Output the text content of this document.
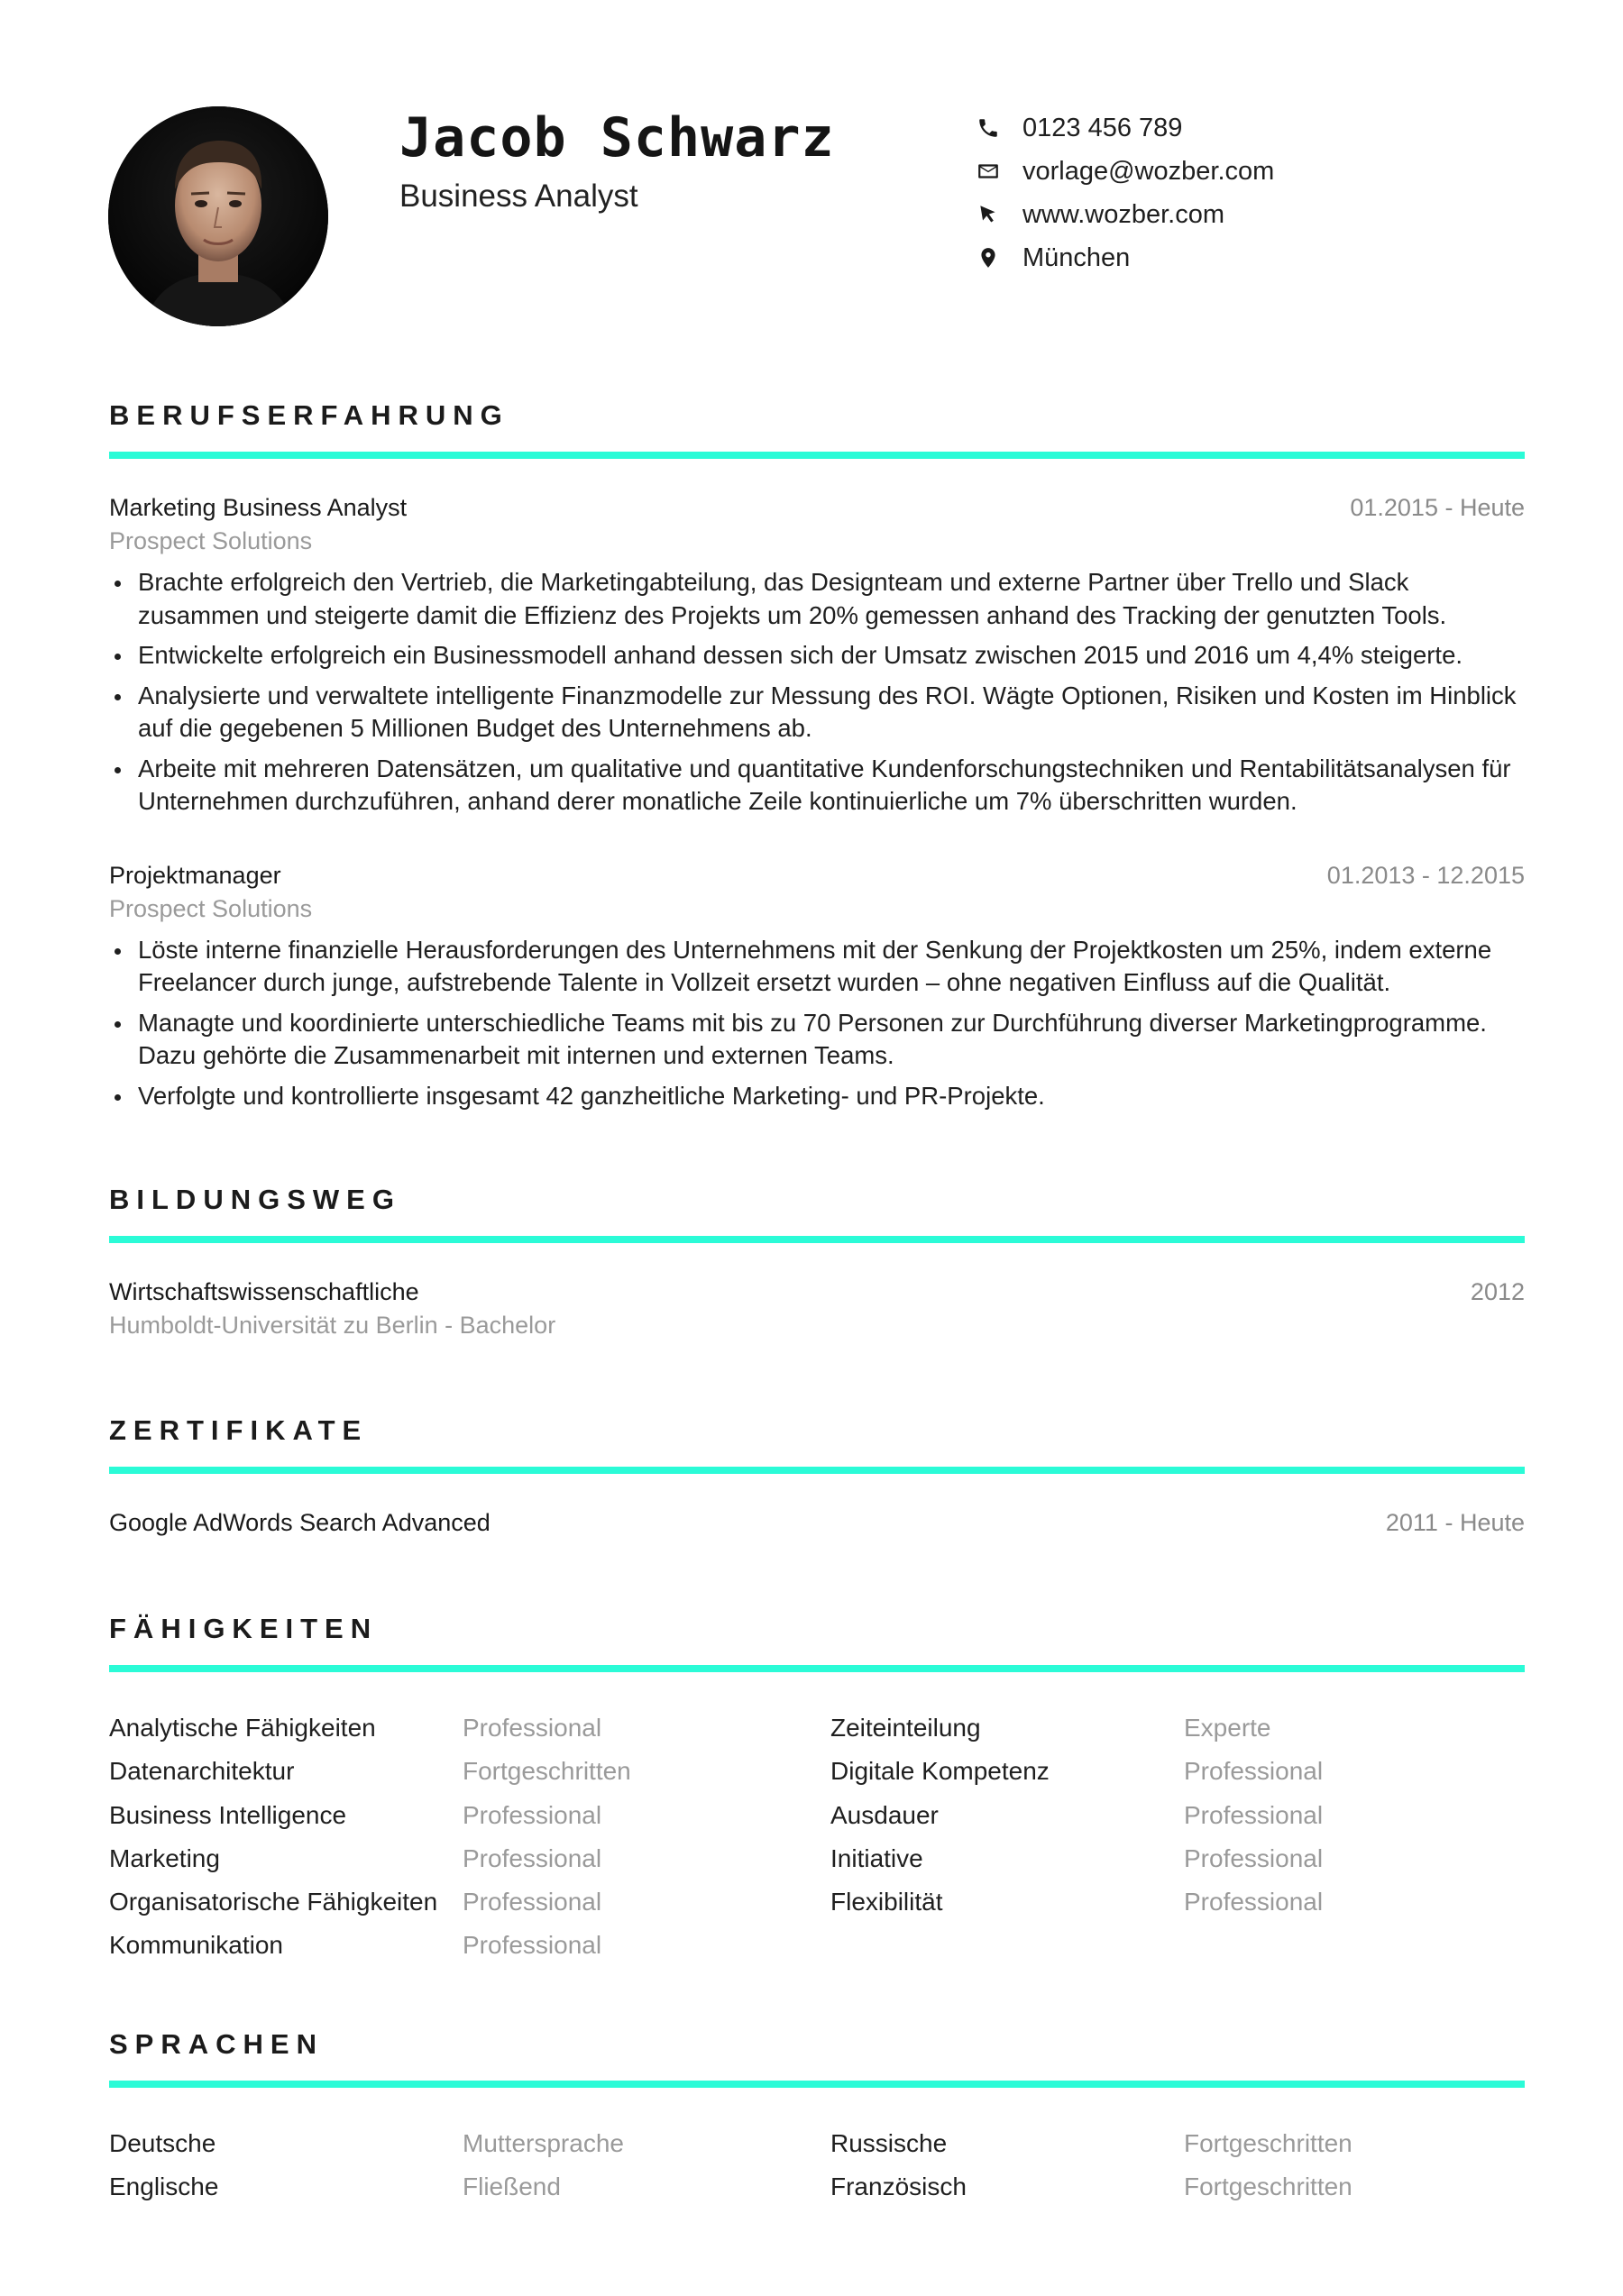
Jacob Schwarz
Business Analyst
0123 456 789
vorlage@wozber.com
www.wozber.com
München
BERUFSERFAHRUNG
Marketing Business Analyst	01.2015 - Heute
Prospect Solutions
Brachte erfolgreich den Vertrieb, die Marketingabteilung, das Designteam und externe Partner über Trello und Slack zusammen und steigerte damit die Effizienz des Projekts um 20% gemessen anhand des Tracking der genutzten Tools.
Entwickelte erfolgreich ein Businessmodell anhand dessen sich der Umsatz zwischen 2015 und 2016 um 4,4% steigerte.
Analysierte und verwaltete intelligente Finanzmodelle zur Messung des ROI. Wägte Optionen, Risiken und Kosten im Hinblick auf die gegebenen 5 Millionen Budget des Unternehmens ab.
Arbeite mit mehreren Datensätzen, um qualitative und quantitative Kundenforschungstechniken und Rentabilitätsanalysen für Unternehmen durchzuführen, anhand derer monatliche Zeile kontinuierliche um 7% überschritten wurden.
Projektmanager	01.2013 - 12.2015
Prospect Solutions
Löste interne finanzielle Herausforderungen des Unternehmens mit der Senkung der Projektkosten um 25%, indem externe Freelancer durch junge, aufstrebende Talente in Vollzeit ersetzt wurden – ohne negativen Einfluss auf die Qualität.
Managte und koordinierte unterschiedliche Teams mit bis zu 70 Personen zur Durchführung diverser Marketingprogramme. Dazu gehörte die Zusammenarbeit mit internen und externen Teams.
Verfolgte und kontrollierte insgesamt 42 ganzheitliche Marketing- und PR-Projekte.
BILDUNGSWEG
Wirtschaftswissenschaftliche	2012
Humboldt-Universität zu Berlin - Bachelor
ZERTIFIKATE
Google AdWords Search Advanced	2011 - Heute
FÄHIGKEITEN
Analytische Fähigkeiten	Professional	Zeiteinteilung	Experte
Datenarchitektur	Fortgeschritten	Digitale Kompetenz	Professional
Business Intelligence	Professional	Ausdauer	Professional
Marketing	Professional	Initiative	Professional
Organisatorische Fähigkeiten Professional	Flexibilität	Professional
Kommunikation	Professional
SPRACHEN
Deutsche	Muttersprache	Russische	Fortgeschritten
Englische	Fließend	Französisch	Fortgeschritten
